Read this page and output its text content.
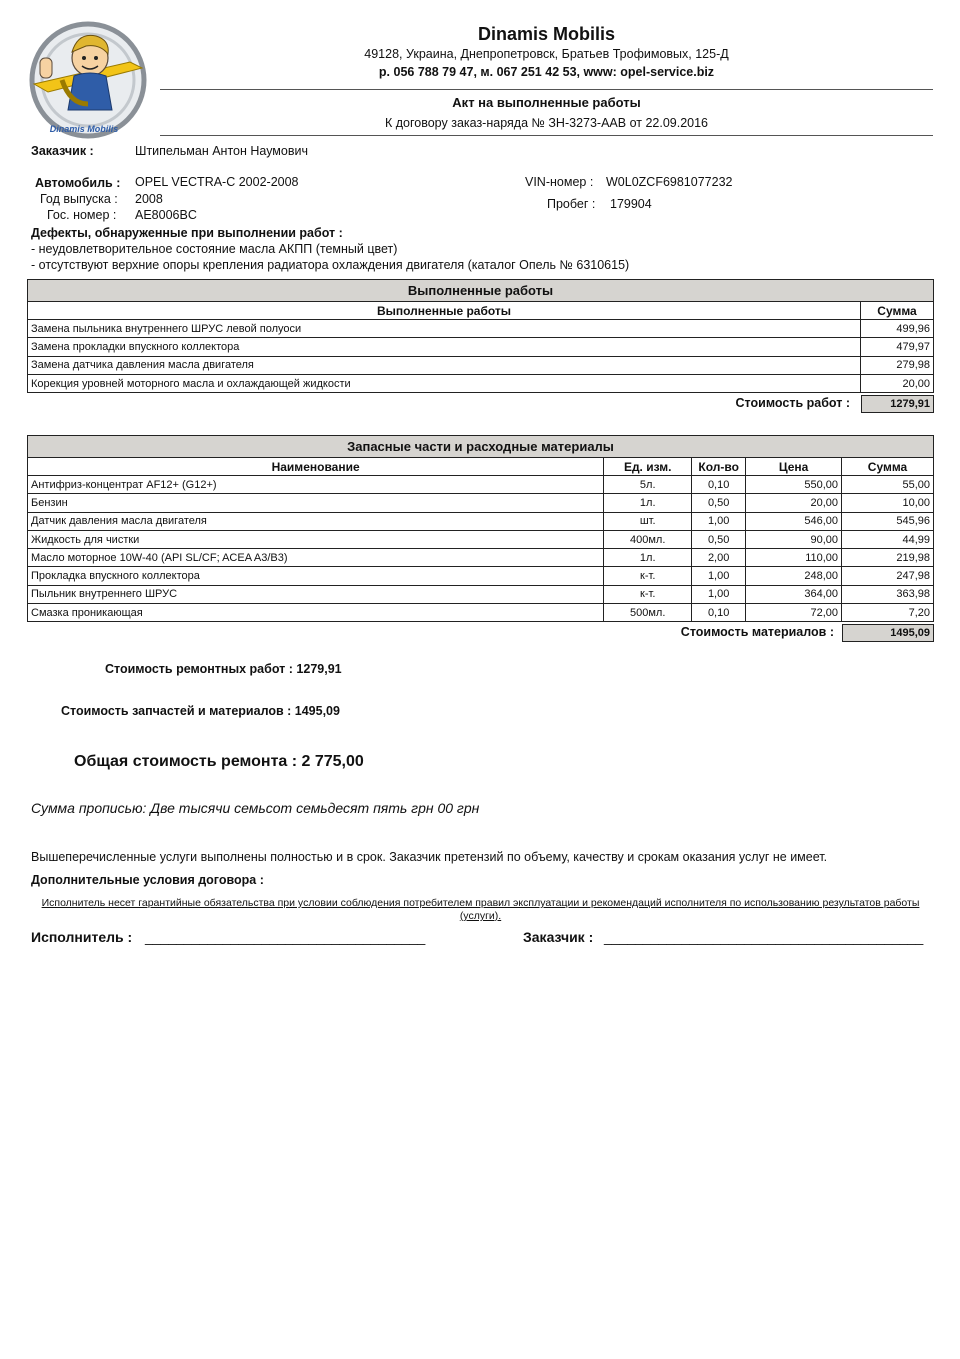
Dinamis Mobilis
Dinamis Mobilis
49128, Украина, Днепропетровск, Братьев Трофимовых, 125-Д
р. 056 788 79 47, м. 067 251 42 53, www: opel-service.biz
Акт на выполненные работы
К договору заказ-наряда № ЗН-3273-ААВ от 22.09.2016
Заказчик :	Штипельман Антон Наумович
Автомобиль : OPEL VECTRA-C 2002-2008
Год выпуска : 2008
Гос. номер : AE8006BC
VIN-номер : W0L0ZCF6981077232
Пробег : 179904
Дефекты, обнаруженные при выполнении работ :
- неудовлетворительное состояние масла АКПП (темный цвет)
- отсутствуют верхние опоры крепления радиатора охлаждения двигателя (каталог Опель № 6310615)
Выполненные работы	
Выполненные работы	Сумма
Замена пыльника внутреннего ШРУС левой полуоси	499,96
Замена прокладки впускного коллектора	479,97
Замена датчика давления масла двигателя	279,98
Корекция уровней моторного масла и охлаждающей жидкости	20,00
Стоимость работ :	1279,91
Запасные части и расходные материалы				
Наименование	Ед. изм.	Кол-во	Цена	Сумма
Антифриз-концентрат AF12+ (G12+)	5л.	0,10	550,00	55,00
Бензин	1л.	0,50	20,00	10,00
Датчик давления масла двигателя	шт.	1,00	546,00	545,96
Жидкость для чистки	400мл.	0,50	90,00	44,99
Масло моторное 10W-40 (API SL/CF; ACEA A3/B3)	1л.	2,00	110,00	219,98
Прокладка впускного коллектора	к-т.	1,00	248,00	247,98
Пыльник внутреннего ШРУС	к-т.	1,00	364,00	363,98
Смазка проникающая	500мл.	0,10	72,00	7,20
Стоимость материалов :	1495,09
Стоимость ремонтных работ : 1279,91
Стоимость запчастей и материалов : 1495,09
Общая стоимость ремонта : 2 775,00
Сумма прописью: Две тысячи семьсот семьдесят пять грн 00 грн
Вышеперечисленные услуги выполнены полностью и в срок. Заказчик претензий по объему, качеству и срокам оказания услуг не имеет.
Дополнительные условия договора :
Исполнитель несет гарантийные обязательства при условии соблюдения потребителем правил эксплуатации и рекомендаций исполнителя по использованию результатов работы (услуги).
Исполнитель : ____________________________________	Заказчик : _________________________________________
